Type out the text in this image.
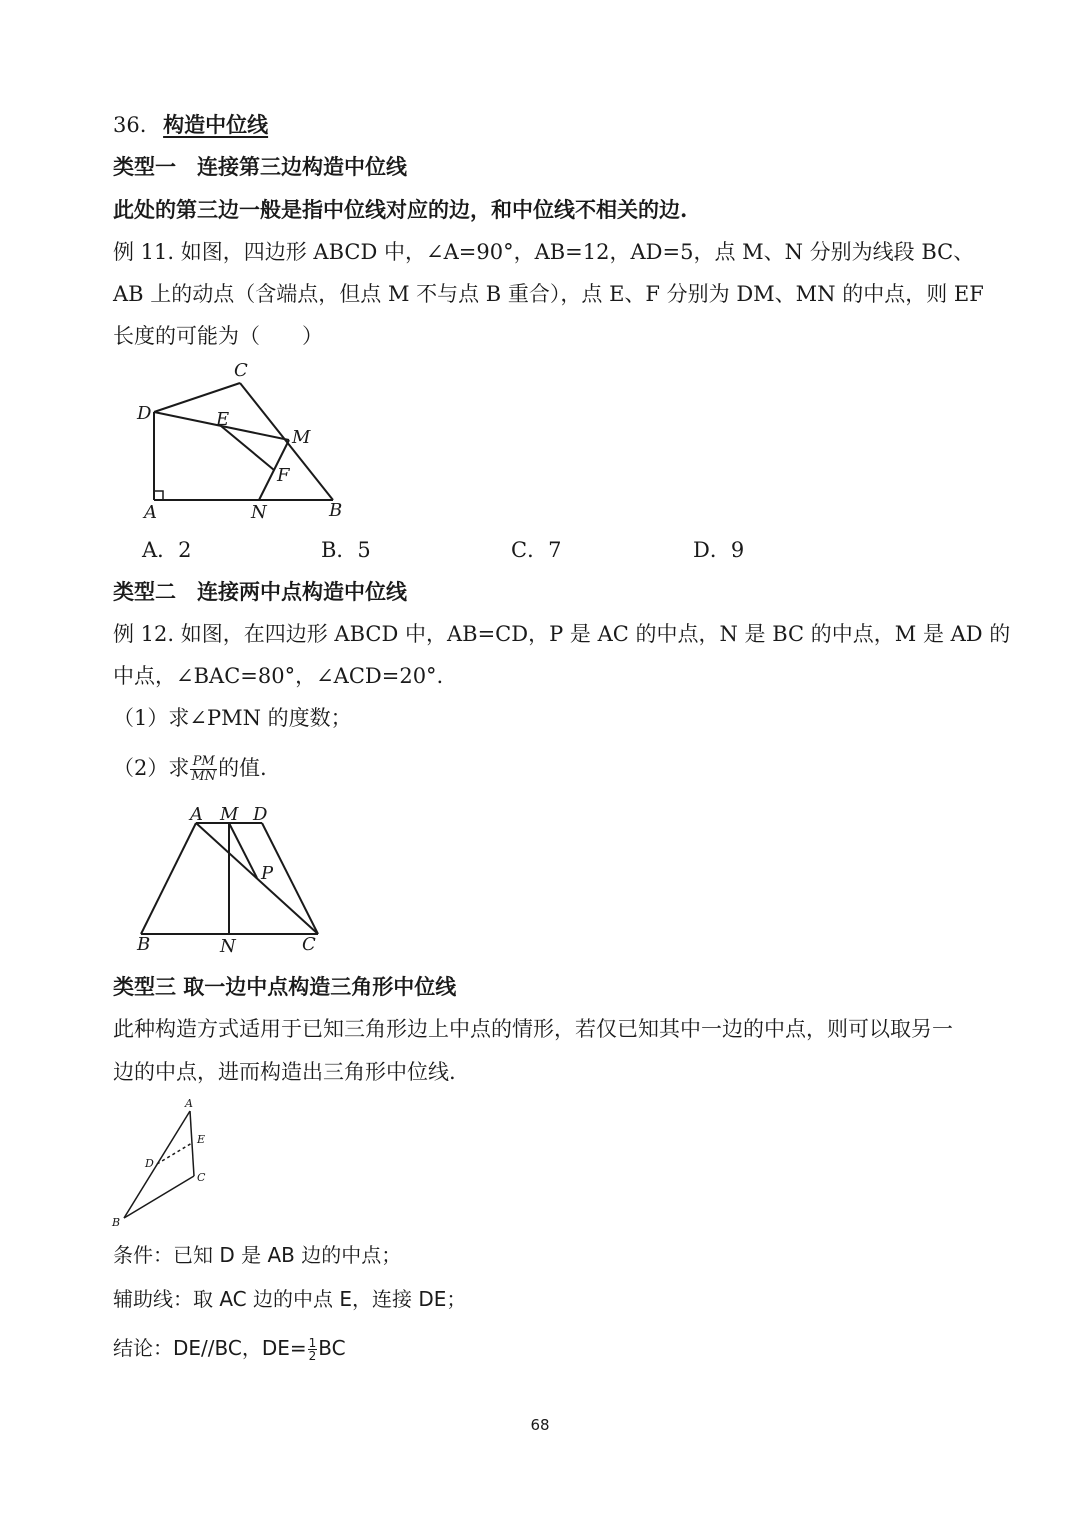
36. 构造中位线
类型一　连接第三边构造中位线
此处的第三边一般是指中位线对应的边，和中位线不相关的边.
例 11. 如图，四边形 ABCD 中，∠A=90°，AB=12，AD=5，点 M、N 分别为线段 BC、
AB 上的动点（含端点，但点 M 不与点 B 重合），点 E、F 分别为 DM、MN 的中点，则 EF
长度的可能为（　　）
C
D	E
M
F
A	N	B
A．2	B．5	C．7	D．9
类型二　连接两中点构造中位线
例 12. 如图，在四边形 ABCD 中，AB=CD，P 是 AC 的中点，N 是 BC 的中点，M 是 AD 的
中点，∠BAC=80°，∠ACD=20°.
（1）求∠PMN 的度数；
（2）求 $\frac{PM}{MN}$ 的值.
A M D
P
B	N	C
类型三 取一边中点构造三角形中位线
此种构造方式适用于已知三角形边上中点的情形，若仅已知其中一边的中点，则可以取另一
边的中点，进而构造出三角形中位线.
A
E
D
C
B
条件：已知 D 是 AB 边的中点；
辅助线：取 AC 边的中点 E，连接 DE；
结论：DE//BC，$DE= \frac{1}{2}$ BC
68
